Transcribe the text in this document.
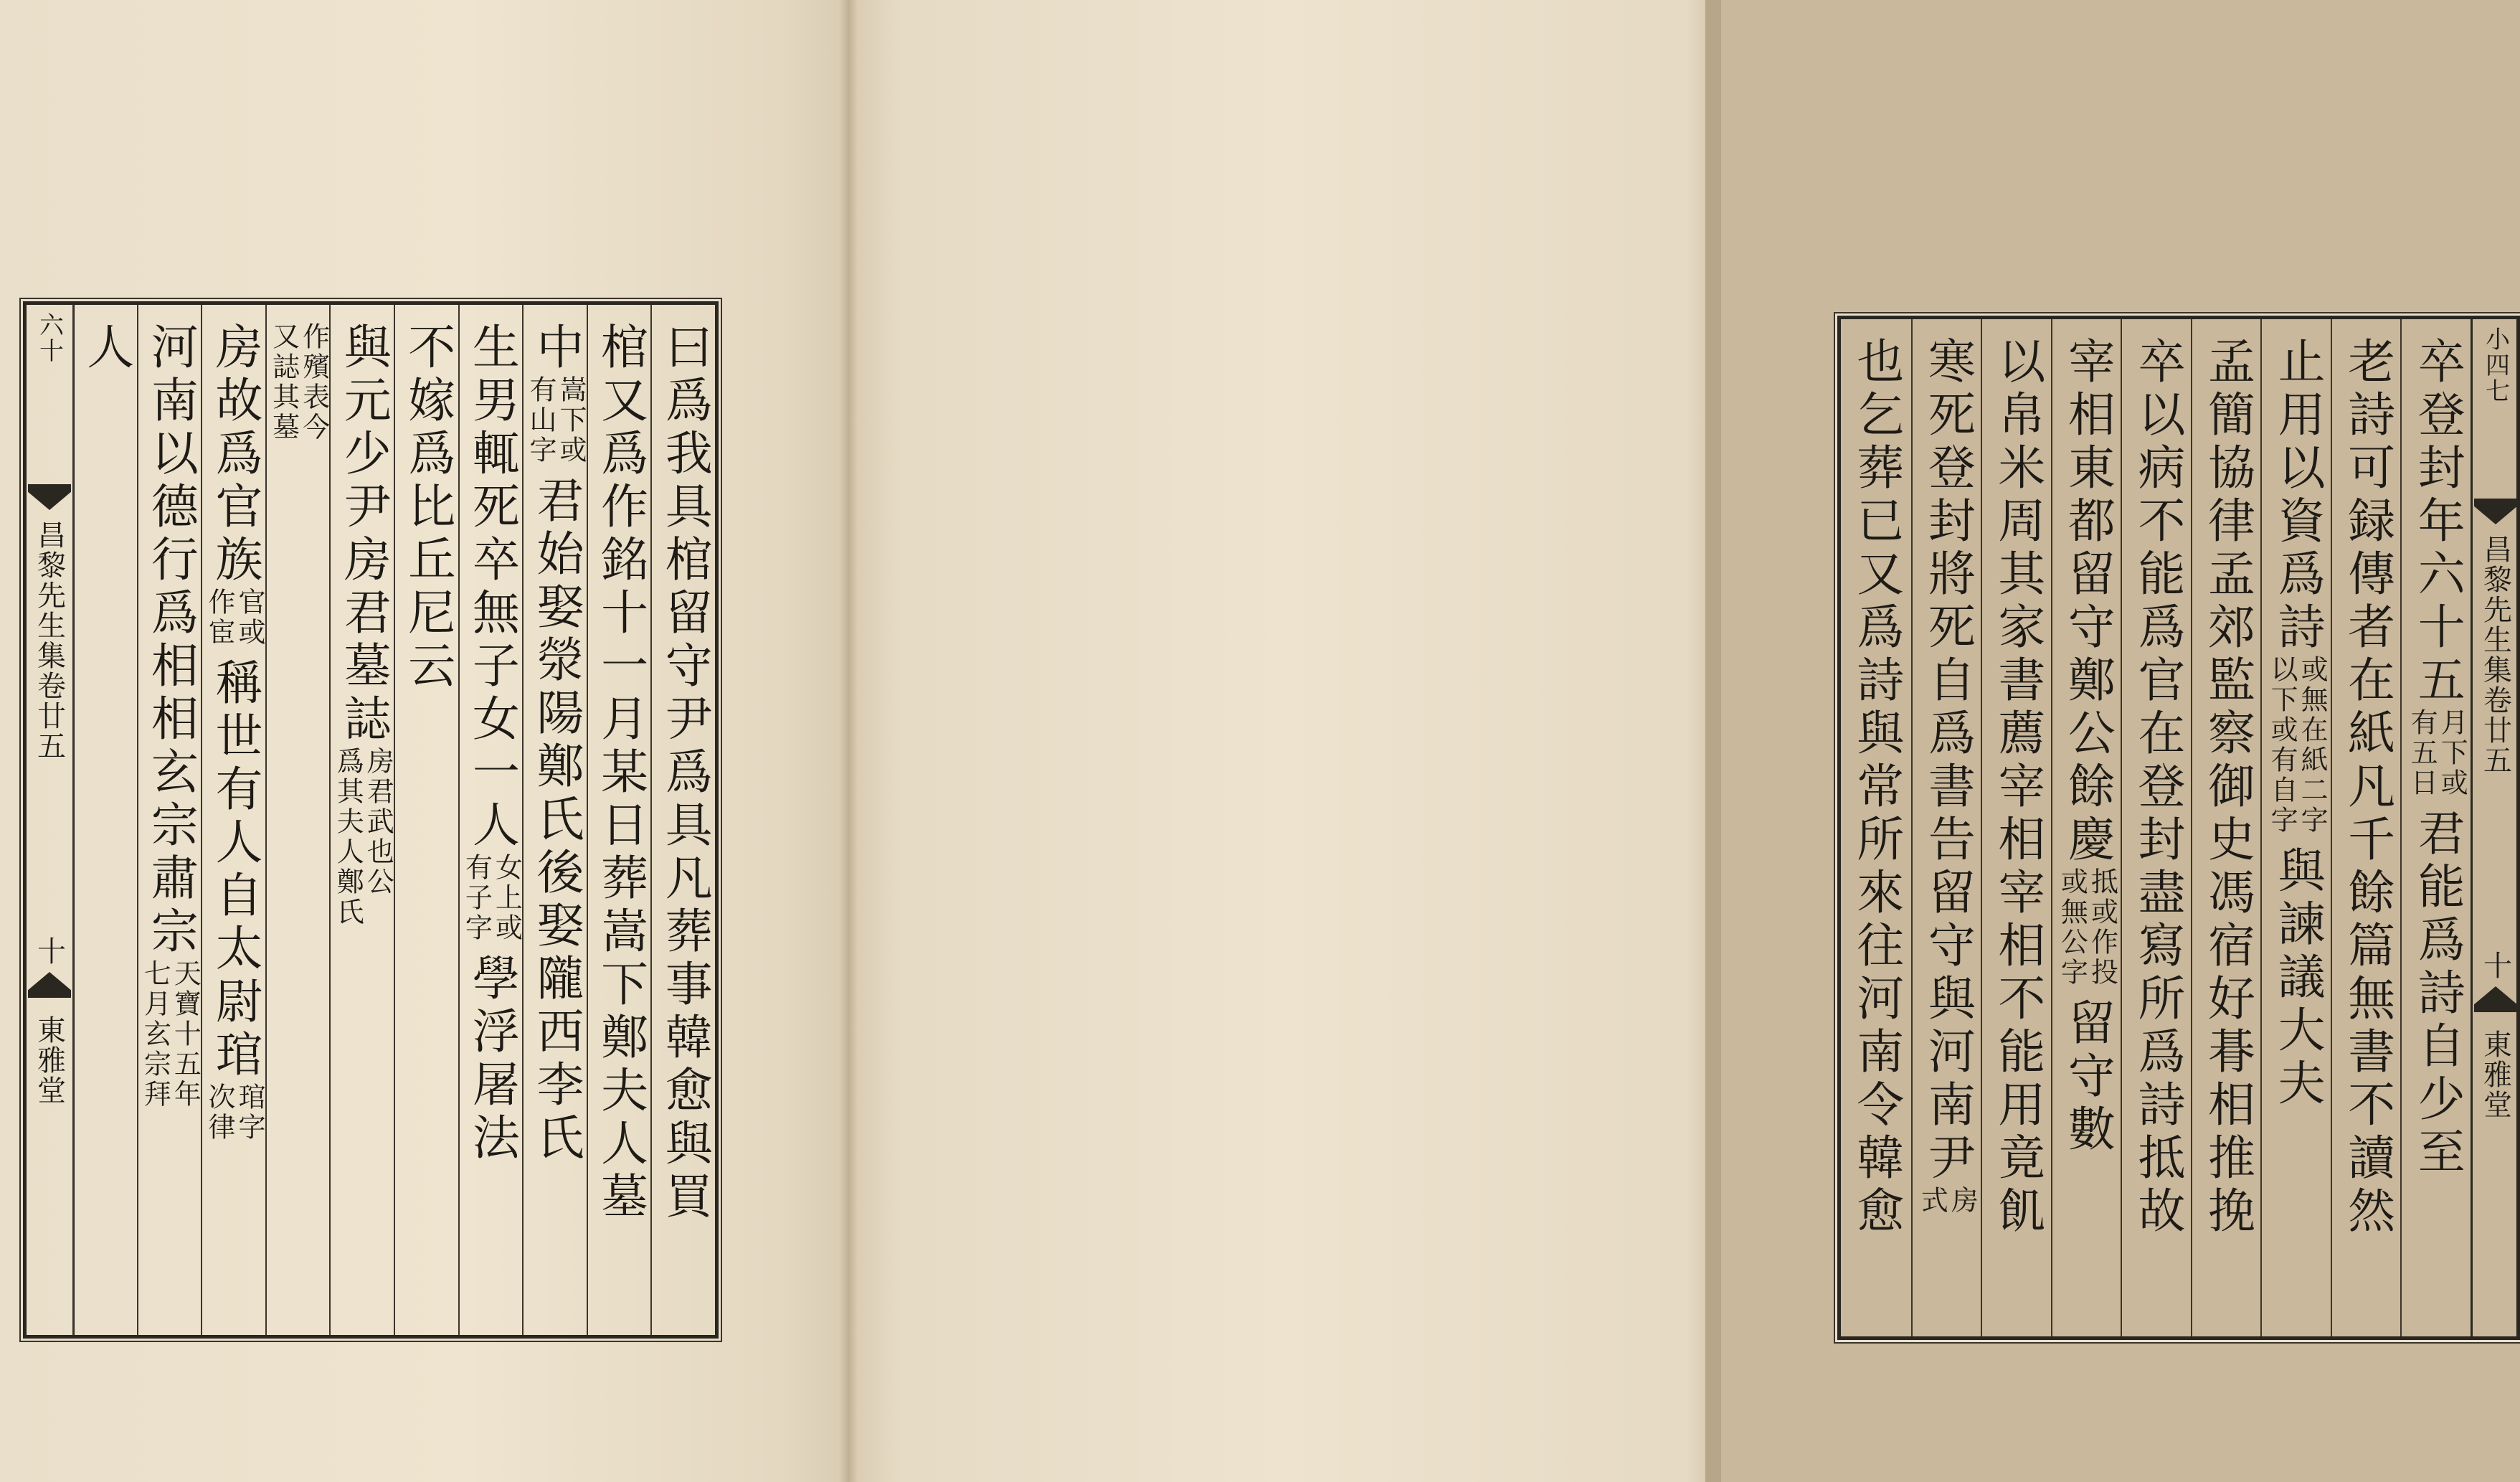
六十
昌黎先生集卷廿五
十
東雅堂	曰爲我具棺留守尹爲具凡葬事韓愈與買
棺又爲作銘十一月某日葬嵩下鄭夫人墓
中
嵩下或
有山字
君始娶滎陽鄭氏後娶隴西李氏
生男輒死卒無子女一人
女上或
有子字
學浮屠法
不嫁爲比丘尼云
與元少尹房君墓誌
房君武也公
爲其夫人鄭氏
作殯表今
又誌其墓
房故爲官族
官或
作宦
稱世有人自太尉琯
琯字
次律
河南以德行爲相相玄宗肅宗
天寶十五年
七月玄宗拜
人	小四七
昌黎先生集卷廿五
十
東雅堂
卒登封年六十五
月下或
有五日
君能爲詩自少至
老詩可録傳者在紙凡千餘篇無書不讀然
止用以資爲詩
或無在紙二字
以下或有自字
與諫議大夫
孟簡協律孟郊監察御史馮宿好朞相推挽
卒以病不能爲官在登封盡寫所爲詩抵故
宰相東都留守鄭公餘慶
抵或作投
或無公字
留守數
以帛米周其家書薦宰相宰相不能用竟飢
寒死登封將死自爲書告留守與河南尹
房
式
也乞葬已又爲詩與常所來往河南令韓愈
